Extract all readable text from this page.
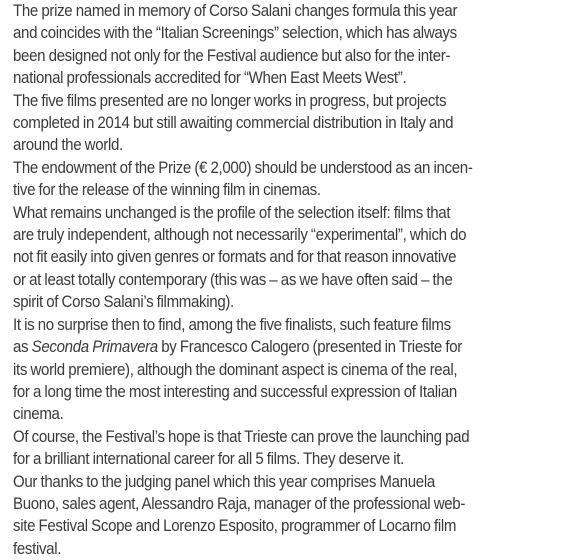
The prize named in memory of Corso Salani changes formula this year
and coincides with the “Italian Screenings” selection, which has always
been designed not only for the Festival audience but also for the inter-
national professionals accredited for “When East Meets West”.

The five films presented are no longer works in progress, but projects
completed in 2014 but still awaiting commercial distribution in Italy and
around the world.

The endowment of the Prize (€ 2,000) should be understood as an incen-
tive for the release of the winning film in cinemas.

What remains unchanged is the profile of the selection itself: films that
are truly independent, although not necessarily “experimental”, which do
not fit easily into given genres or formats and for that reason innovative
or at least totally contemporary (this was – as we have often said – the
spirit of Corso Salani’s filmmaking).

It is no surprise then to find, among the five finalists, such feature films
as Seconda Primavera by Francesco Calogero (presented in Trieste for
its world premiere), although the dominant aspect is cinema of the real,
for a long time the most interesting and successful expression of Italian
cinema.

Of course, the Festival’s hope is that Trieste can prove the launching pad
for a brilliant international career for all 5 films. They deserve it.

Our thanks to the judging panel which this year comprises Manuela
Buono, sales agent, Alessandro Raja, manager of the professional web-
site Festival Scope and Lorenzo Esposito, programmer of Locarno film
festival.
